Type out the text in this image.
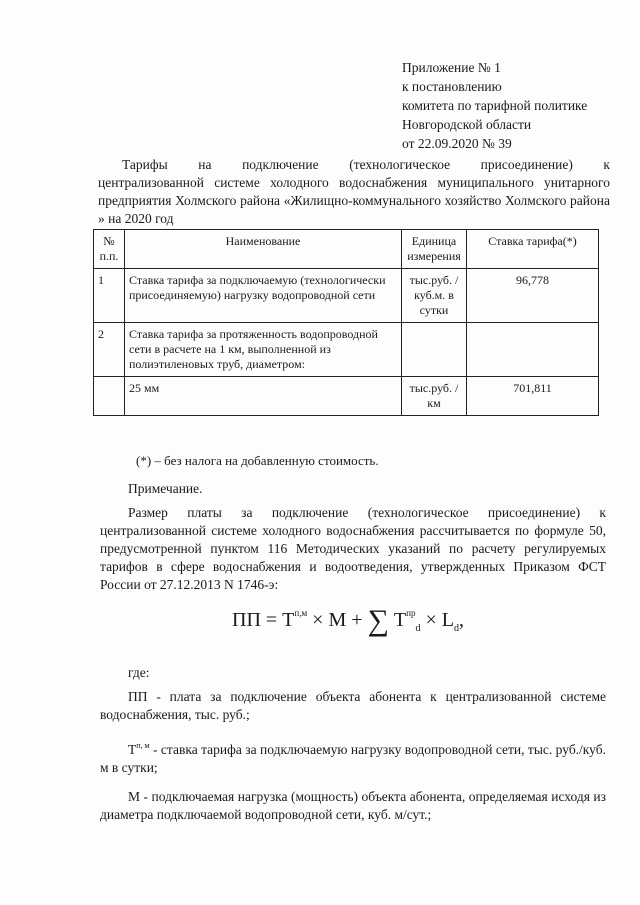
Приложение № 1
к постановлению
комитета по тарифной политике
Новгородской области
от 22.09.2020 № 39
Тарифы на подключение (технологическое присоединение) к
централизованной системе холодного водоснабжения муниципального унитарного предприятия Холмского района «Жилищно-коммунального хозяйство Холмского района » на 2020 год
№ п.п.	Наименование	Единица измерения	Ставка тарифа(*)
1	Ставка тарифа за подключаемую (технологически присоединяемую) нагрузку водопроводной сети	тыс.руб. /куб.м. в сутки	96,778
2	Ставка тарифа за протяженность водопроводной сети в расчете на 1 км, выполненной из полиэтиленовых труб, диаметром:		
	25 мм	тыс.руб. /км	701,811
(*) – без налога на добавленную стоимость.
Примечание.
Размер платы за подключение (технологическое присоединение) к централизованной системе холодного водоснабжения рассчитывается по формуле 50, предусмотренной пунктом 116 Методических указаний по расчету регулируемых тарифов в сфере водоснабжения и водоотведения, утвержденных Приказом ФСТ России от 27.12.2013 N 1746-э:
ПП = $Т^{п,м} \times М$ + ∑ $Т^{пр}_d \times L_d$,
где:
ПП - плата за подключение объекта абонента к централизованной системе водоснабжения, тыс. руб.;
$Т^{п, м}$ - ставка тарифа за подключаемую нагрузку водопроводной сети, тыс. руб./куб. м в сутки;
М - подключаемая нагрузка (мощность) объекта абонента, определяемая исходя из диаметра подключаемой водопроводной сети, куб. м/сут.;
